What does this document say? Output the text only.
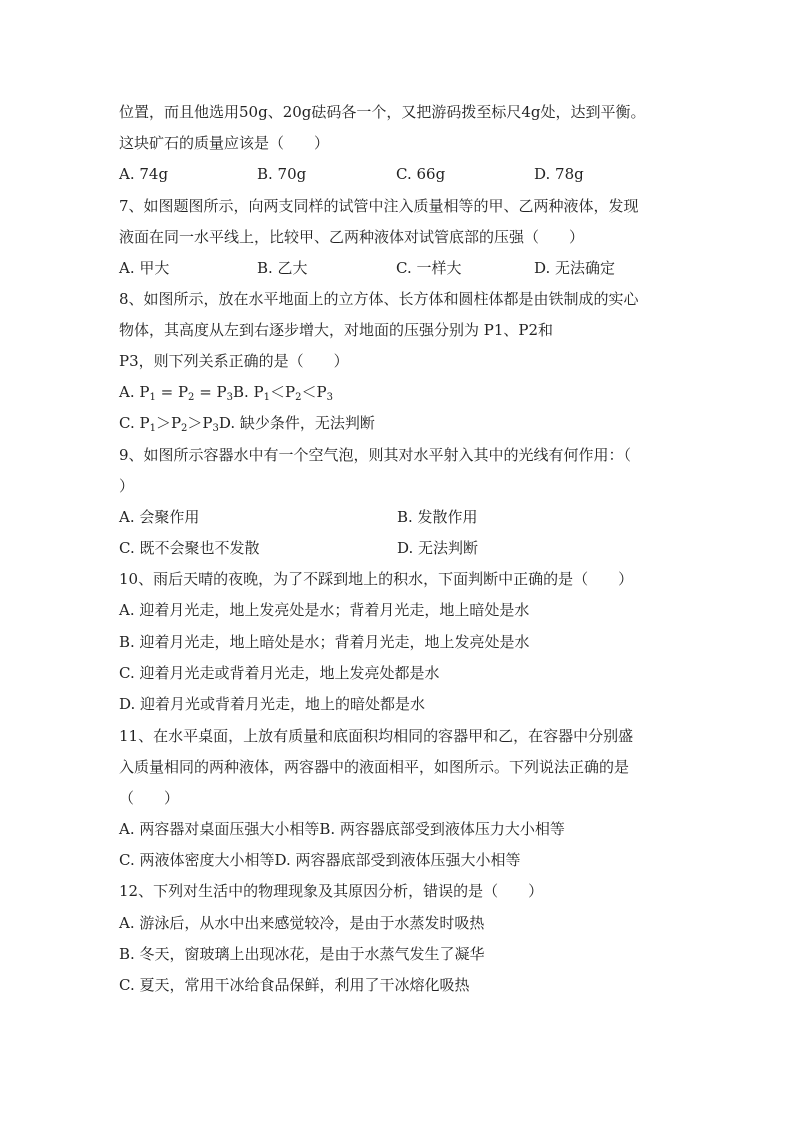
位置，而且他选用50g、20g砝码各一个，又把游码拨至标尺4g处，达到平衡。
这块矿石的质量应该是（　　）
A. 74g	B. 70g	C. 66g	D. 78g
7、如图题图所示，向两支同样的试管中注入质量相等的甲、乙两种液体，发现
液面在同一水平线上，比较甲、乙两种液体对试管底部的压强（　　）
A. 甲大	B. 乙大	C. 一样大	D. 无法确定
8、如图所示，放在水平地面上的立方体、长方体和圆柱体都是由铁制成的实心
物体，其高度从左到右逐步增大，对地面的压强分别为 P1、P2和
P3，则下列关系正确的是（　　）
A. $P_1 = P_2 = P_3B$. $P_1<P_2<P_3$
C. $P_1>P_2>P_3D$. 缺少条件，无法判断
9、如图所示容器水中有一个空气泡，则其对水平射入其中的光线有何作用：（
）
A. 会聚作用	B. 发散作用
C. 既不会聚也不发散	D. 无法判断
10、雨后天晴的夜晚，为了不踩到地上的积水，下面判断中正确的是（　　）
A. 迎着月光走，地上发亮处是水；背着月光走，地上暗处是水
B. 迎着月光走，地上暗处是水；背着月光走，地上发亮处是水
C. 迎着月光走或背着月光走，地上发亮处都是水
D. 迎着月光或背着月光走，地上的暗处都是水
11、在水平桌面，上放有质量和底面积均相同的容器甲和乙，在容器中分别盛
入质量相同的两种液体，两容器中的液面相平，如图所示。下列说法正确的是
（　　）
A. 两容器对桌面压强大小相等B. 两容器底部受到液体压力大小相等
C. 两液体密度大小相等D. 两容器底部受到液体压强大小相等
12、下列对生活中的物理现象及其原因分析，错误的是（　　）
A. 游泳后，从水中出来感觉较冷，是由于水蒸发时吸热
B. 冬天，窗玻璃上出现冰花，是由于水蒸气发生了凝华
C. 夏天，常用干冰给食品保鲜，利用了干冰熔化吸热
